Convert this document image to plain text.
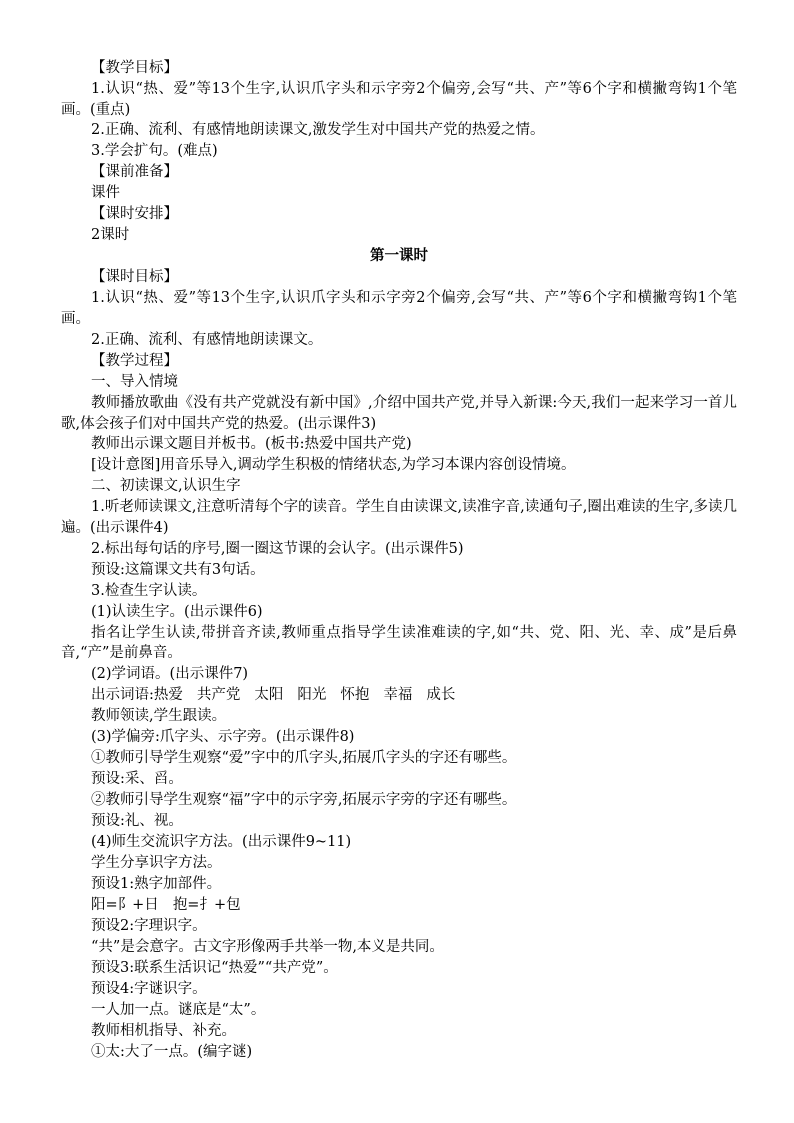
【教学目标】
1.认识“热、爱”等13个生字,认识爪字头和示字旁2个偏旁,会写“共、产”等6个字和横撇弯钩1个笔画。(重点)
2.正确、流利、有感情地朗读课文,激发学生对中国共产党的热爱之情。
3.学会扩句。(难点)
【课前准备】
课件
【课时安排】
2课时
第一课时
【课时目标】
1.认识“热、爱”等13个生字,认识爪字头和示字旁2个偏旁,会写“共、产”等6个字和横撇弯钩1个笔画。
2.正确、流利、有感情地朗读课文。
【教学过程】
一、导入情境
教师播放歌曲《没有共产党就没有新中国》,介绍中国共产党,并导入新课:今天,我们一起来学习一首儿歌,体会孩子们对中国共产党的热爱。(出示课件3)
教师出示课文题目并板书。(板书:热爱中国共产党)
[设计意图]用音乐导入,调动学生积极的情绪状态,为学习本课内容创设情境。
二、初读课文,认识生字
1.听老师读课文,注意听清每个字的读音。学生自由读课文,读准字音,读通句子,圈出难读的生字,多读几遍。(出示课件4)
2.标出每句话的序号,圈一圈这节课的会认字。(出示课件5)
预设:这篇课文共有3句话。
3.检查生字认读。
(1)认读生字。(出示课件6)
指名让学生认读,带拼音齐读,教师重点指导学生读准难读的字,如“共、党、阳、光、幸、成”是后鼻音,“产”是前鼻音。
(2)学词语。(出示课件7)
出示词语:热爱 共产党 太阳 阳光 怀抱 幸福 成长
教师领读,学生跟读。
(3)学偏旁:爪字头、示字旁。(出示课件8)
①教师引导学生观察“爱”字中的爪字头,拓展爪字头的字还有哪些。
预设:采、舀。
②教师引导学生观察“福”字中的示字旁,拓展示字旁的字还有哪些。
预设:礼、视。
(4)师生交流识字方法。(出示课件9~11)
学生分享识字方法。
预设1:熟字加部件。
阳=阝+日 抱=扌+包
预设2:字理识字。
“共”是会意字。古文字形像两手共举一物,本义是共同。
预设3:联系生活识记“热爱”“共产党”。
预设4:字谜识字。
一人加一点。谜底是“太”。
教师相机指导、补充。
①太:大了一点。(编字谜)
